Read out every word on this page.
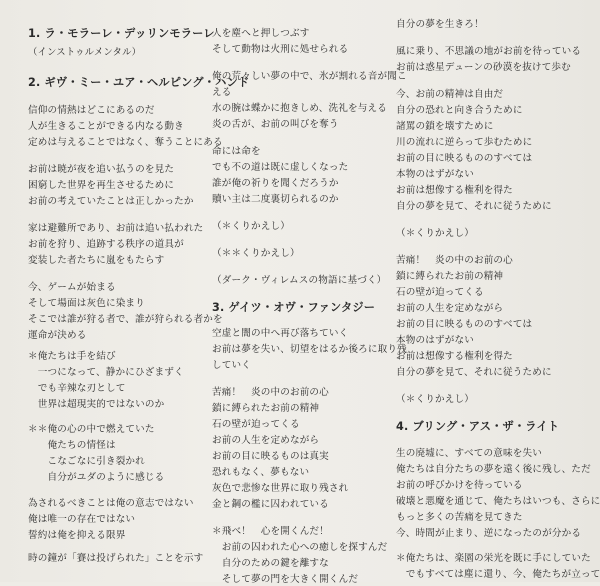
1. ラ・モラーレ・デッリンモラーレ
（インストゥルメンタル）
2. ギヴ・ミー・ユア・ヘルピング・ハンド
信仰の情熱はどこにあるのだ
人が生きることができる内なる動き
定めは与えることではなく、奪うことにある
お前は暁が夜を追い払うのを見た
困窮した世界を再生させるために
お前の考えていたことは正しかったか
家は避難所であり、お前は追い払われた
お前を狩り、追跡する秩序の道具が
変装した者たちに嵐をもたらす
今、ゲームが始まる
そして場面は灰色に染まり
そこでは誰が狩る者で、誰が狩られる者かを
運命が決める
＊俺たちは手を結び
　一つになって、静かにひざまずく
　でも辛辣な刃として
　世界は超現実的ではないのか
＊＊俺の心の中で燃えていた
　　俺たちの情怪は
　　こなごなに引き裂かれ
　　自分がユダのように感じる
為されるべきことは俺の意志ではない
俺は唯一の存在ではない
誓約は俺を抑える限界
時の鐘が「賽は投げられた」ことを示す
人を塵へと押しつぶす
そして動物は火刑に処せられる
俺の荒々しい夢の中で、氷が割れる音が聞こ
える
水の腕は蝶かに抱きしめ、洗礼を与える
炎の舌が、お前の叫びを奪う
命には命を
でも不の道は既に虚しくなった
誰が俺の祈りを聞くだろうか
贖い主は二度裏切られるのか
（＊くりかえし）
（＊＊くりかえし）
（ダーク・ヴィレムスの物語に基づく）
3. ゲイツ・オヴ・ファンタジー
空虚と闇の中へ再び落ちていく
お前は夢を失い、切望をはるか後ろに取り残
していく
苦痛！　炎の中のお前の心
鎖に縛られたお前の精神
石の壁が迫ってくる
お前の人生を定めながら
お前の目に映るものは真実
恐れもなく、夢もない
灰色で悲惨な世界に取り残され
金と鋼の檻に囚われている
＊飛べ！　心を開くんだ！
　お前の囚われた心への癒しを探すんだ
　自分のための鍵を離すな
　そして夢の門を大きく開くんだ
自分の夢を生きろ！
風に乗り、不思議の地がお前を待っている
お前は惑星デューンの砂漠を抜けて歩む
今、お前の精神は自由だ
自分の恐れと向き合うために
諸罵の鎖を壊すために
川の流れに逆らって歩むために
お前の目に映るもののすべては
本物のはずがない
お前は想像する権利を得た
自分の夢を見て、それに従うために
（＊くりかえし）
苦痛！　炎の中のお前の心
鎖に縛られたお前の精神
石の壁が迫ってくる
お前の人生を定めながら
お前の目に映るもののすべては
本物のはずがない
お前は想像する権利を得た
自分の夢を見て、それに従うために
（＊くりかえし）
4. ブリング・アス・ザ・ライト
生の廃墟に、すべての意味を失い
俺たちは自分たちの夢を遠く後に残し、ただ
お前の呼びかけを待っている
破壊と悪魔を通じて、俺たちはいつも、さらに
もっと多くの苦痛を見てきた
今、時間が止まり、逆になったのが分かる
＊俺たちは、楽園の栄光を既に手にしていた
　でもすべては塵に還り、今、俺たちが立って
